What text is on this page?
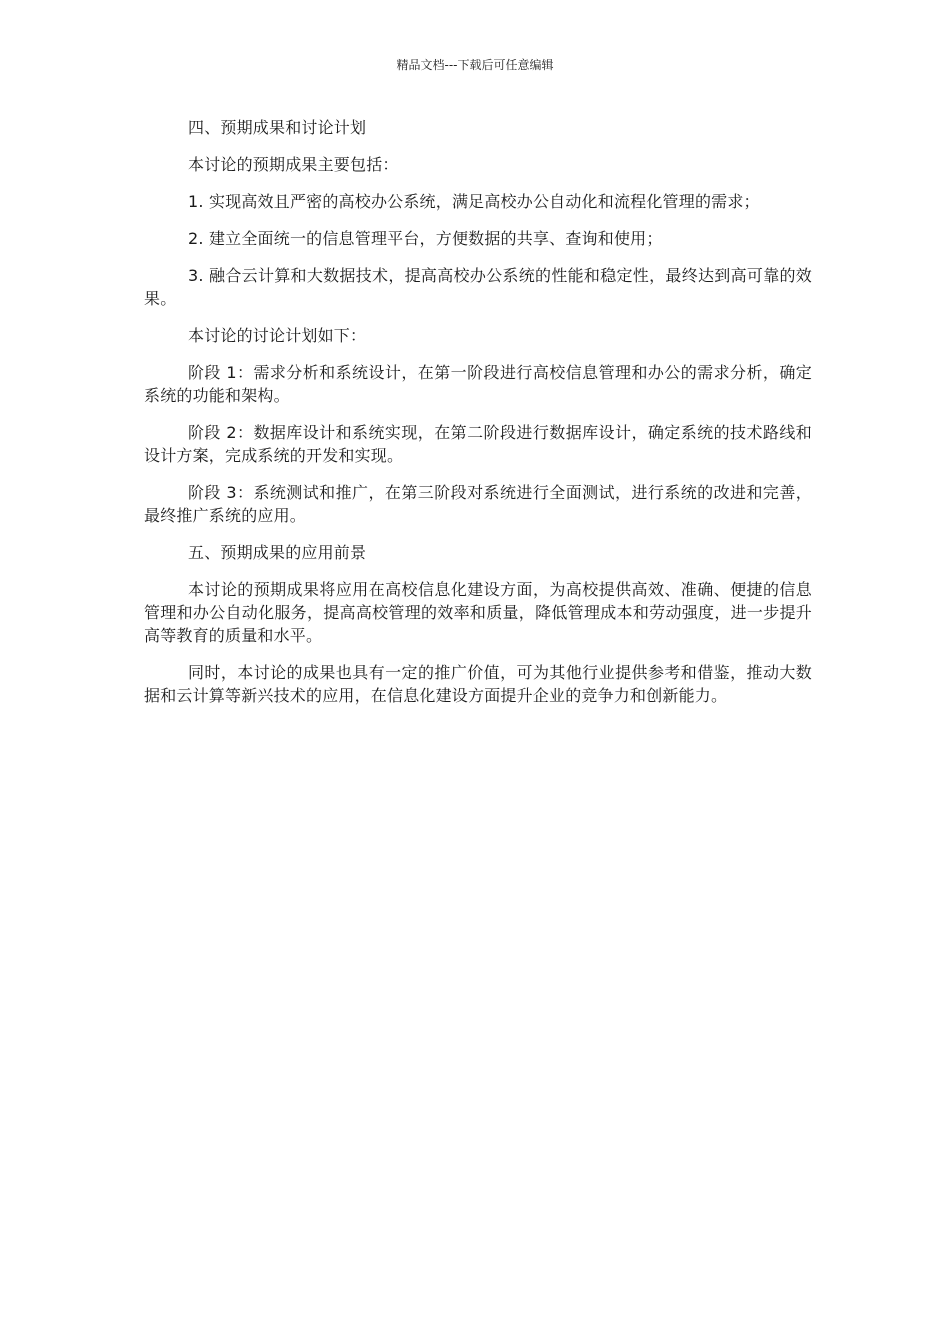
精品文档---下载后可任意编辑

四、预期成果和讨论计划

本讨论的预期成果主要包括：

1. 实现高效且严密的高校办公系统，满足高校办公自动化和流程化管理的需求；

2. 建立全面统一的信息管理平台，方便数据的共享、查询和使用；

3. 融合云计算和大数据技术，提高高校办公系统的性能和稳定性，最终达到高可靠的效果。

本讨论的讨论计划如下：

阶段 1：需求分析和系统设计，在第一阶段进行高校信息管理和办公的需求分析，确定系统的功能和架构。

阶段 2：数据库设计和系统实现，在第二阶段进行数据库设计，确定系统的技术路线和设计方案，完成系统的开发和实现。

阶段 3：系统测试和推广，在第三阶段对系统进行全面测试，进行系统的改进和完善，最终推广系统的应用。

五、预期成果的应用前景

本讨论的预期成果将应用在高校信息化建设方面，为高校提供高效、准确、便捷的信息管理和办公自动化服务，提高高校管理的效率和质量，降低管理成本和劳动强度，进一步提升高等教育的质量和水平。

同时，本讨论的成果也具有一定的推广价值，可为其他行业提供参考和借鉴，推动大数据和云计算等新兴技术的应用，在信息化建设方面提升企业的竞争力和创新能力。
